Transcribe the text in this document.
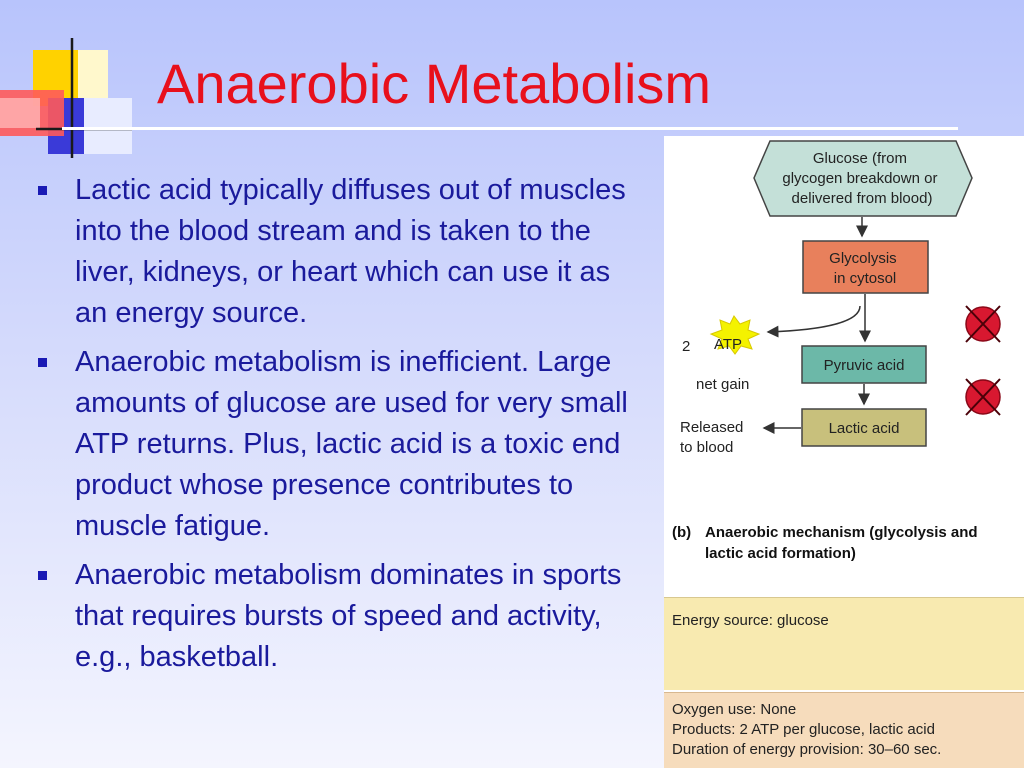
Anaerobic Metabolism
Lactic acid typically diffuses out of muscles into the blood stream and is taken to the liver, kidneys, or heart which can use it as an energy source.
Anaerobic metabolism is inefficient. Large amounts of glucose are used for very small ATP returns. Plus, lactic acid is a toxic end product whose presence contributes to muscle fatigue.
Anaerobic metabolism dominates in sports that requires bursts of speed and activity, e.g., basketball.
Glucose (from glycogen breakdown or delivered from blood)
Glycolysis in cytosol
2 ATP
net gain
Pyruvic acid
Lactic acid
Released to blood

(b) Anaerobic mechanism (glycolysis and lactic acid formation)

Energy source: glucose
Oxygen use: None
Products: 2 ATP per glucose, lactic acid
Duration of energy provision: 30–60 sec.
